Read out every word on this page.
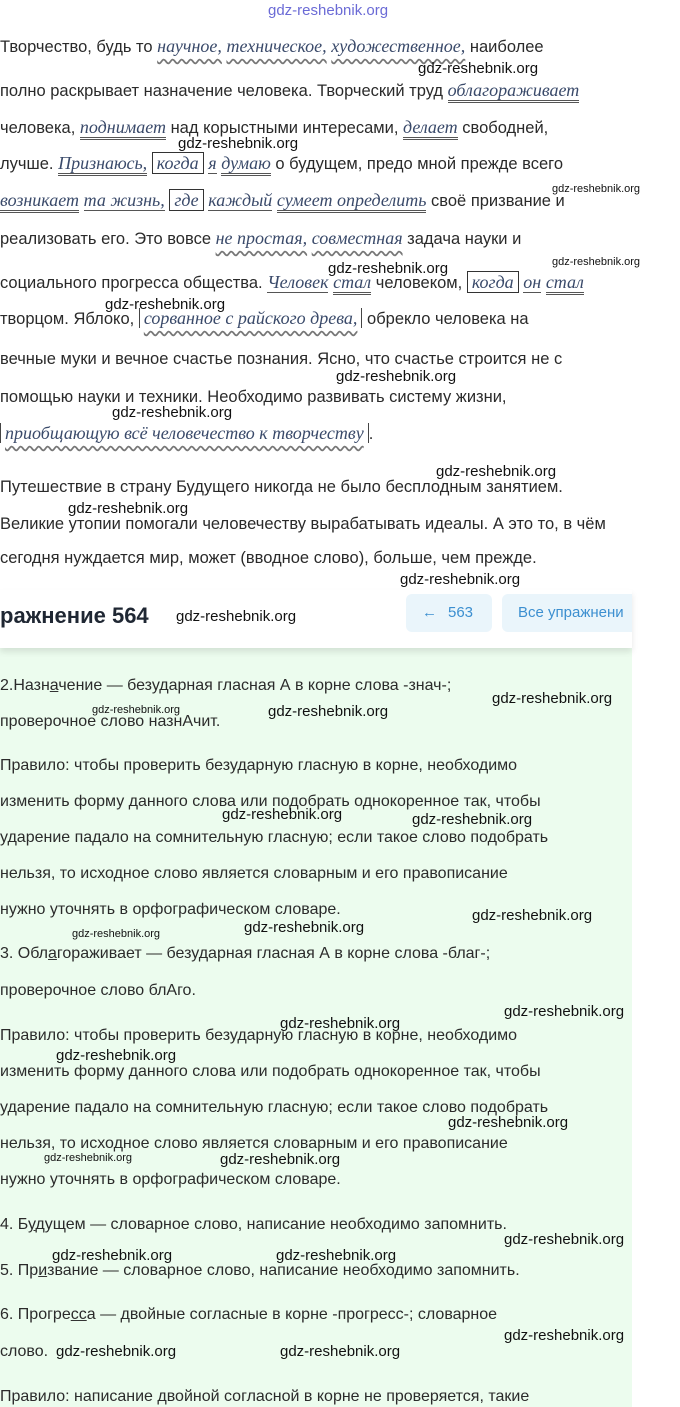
gdz-reshebnik.org
Творчество, будь то научное, техническое, художественное, наиболее
gdz-reshebnik.org
полно раскрывает назначение человека. Творческий труд облагораживает
человека, поднимает над корыстными интересами, делает свободней,
gdz-reshebnik.org
лучше. Признаюсь, когда я думаю о будущем, предо мной прежде всего
gdz-reshebnik.org
возникает та жизнь, где каждый сумеет определить своё призвание и
реализовать его. Это вовсе не простая, совместная задача науки и
gdz-reshebnik.org
gdz-reshebnik.org
социального прогресса общества. Человек стал человеком, когда он стал
gdz-reshebnik.org
творцом. Яблоко, сорванное с райского древа, обрекло человека на
вечные муки и вечное счастье познания. Ясно, что счастье строится не с
gdz-reshebnik.org
помощью науки и техники. Необходимо развивать систему жизни,
gdz-reshebnik.org
приобщающую всё человечество к творчеству .
gdz-reshebnik.org
Путешествие в страну Будущего никогда не было бесплодным занятием.
gdz-reshebnik.org
Великие утопии помогали человечеству вырабатывать идеалы. А это то, в чём
сегодня нуждается мир, может (вводное слово), больше, чем прежде.
gdz-reshebnik.org
ражнение 564 gdz-reshebnik.org	← 563	Все упражнени
2.Назначение — безударная гласная А в корне слова -знач-;
gdz-reshebnik.org
gdz-reshebnik.org	gdz-reshebnik.org
проверочное слово назнАчит.
Правило: чтобы проверить безударную гласную в корне, необходимо
изменить форму данного слова или подобрать однокоренное так, чтобы
gdz-reshebnik.org	gdz-reshebnik.org
ударение падало на сомнительную гласную; если такое слово подобрать
нельзя, то исходное слово является словарным и его правописание
нужно уточнять в орфографическом словаре.	gdz-reshebnik.org
gdz-reshebnik.org
gdz-reshebnik.org
3. Облагораживает — безударная гласная А в корне слова -благ-;
проверочное слово блАго.
gdz-reshebnik.org
gdz-reshebnik.org
Правило: чтобы проверить безударную гласную в корне, необходимо
gdz-reshebnik.org
изменить форму данного слова или подобрать однокоренное так, чтобы
ударение падало на сомнительную гласную; если такое слово подобрать
gdz-reshebnik.org
нельзя, то исходное слово является словарным и его правописание
gdz-reshebnik.org	gdz-reshebnik.org
нужно уточнять в орфографическом словаре.
4. Будущем — словарное слово, написание необходимо запомнить.
gdz-reshebnik.org
gdz-reshebnik.org	gdz-reshebnik.org
5. Призвание — словарное слово, написание необходимо запомнить.
6. Прогресса — двойные согласные в корне -прогресс-; словарное
gdz-reshebnik.org
слово. gdz-reshebnik.org	gdz-reshebnik.org
Правило: написание двойной согласной в корне не проверяется, такие
